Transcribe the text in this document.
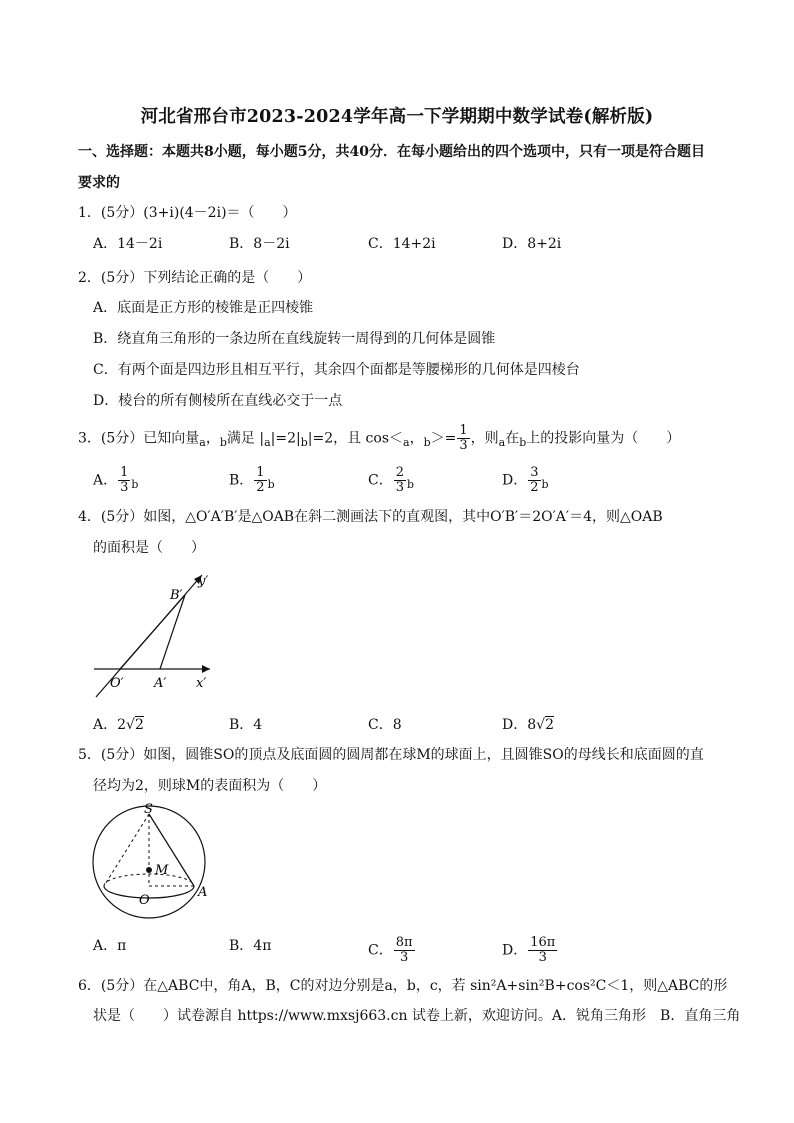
河北省邢台市2023-2024学年高一下学期期中数学试卷(解析版)
一、选择题：本题共8小题，每小题5分，共40分．在每小题给出的四个选项中，只有一项是符合题目
要求的
1．(5分）(3+i)(4－2i)＝（　　）
A．14－2i	B．8－2i	C．14+2i	D．8+2i
2．(5分）下列结论正确的是（　　）
A．底面是正方形的棱锥是正四棱锥
B．绕直角三角形的一条边所在直线旋转一周得到的几何体是圆锥
C．有两个面是四边形且相互平行，其余四个面都是等腰梯形的几何体是四棱台
D．棱台的所有侧棱所在直线必交于一点
3．(5分）已知向量$_a$，$_b$满足 $|_a|=2|_b|=2$，且 $\cos<_a$，$_b>= \frac{1}{3}$ ，则$_a$在$_b$上的投影向量为（　　）
A． $\frac{1}{3} _b$	B． $\frac{1}{2} _b$	C． $\frac{2}{3} _b$	D． $\frac{3}{2} _b$
4．(5分）如图，△O′A′B′是△OAB在斜二测画法下的直观图，其中O′B′＝2O′A′＝4，则△OAB
的面积是（　　）
B′
y′
O′ A′ x′
A．2√2	B．4	C．8	D．8√2
5．(5分）如图，圆锥SO的顶点及底面圆的圆周都在球M的球面上，且圆锥SO的母线长和底面圆的直
径均为2，则球M的表面积为（　　）
S
M
O
A
A．π	B．4π	C． $\frac{8\pi}{3}$	D． $\frac{16\pi}{3}$
6．(5分）在△ABC中，角A，B，C的对边分别是a，b，c，若 sin²A+sin²B+cos²C＜1，则△ABC的形
状是（　　）试卷源自 https://www.mxsj663.cn 试卷上新，欢迎访问。A．锐角三角形　B．直角三角
